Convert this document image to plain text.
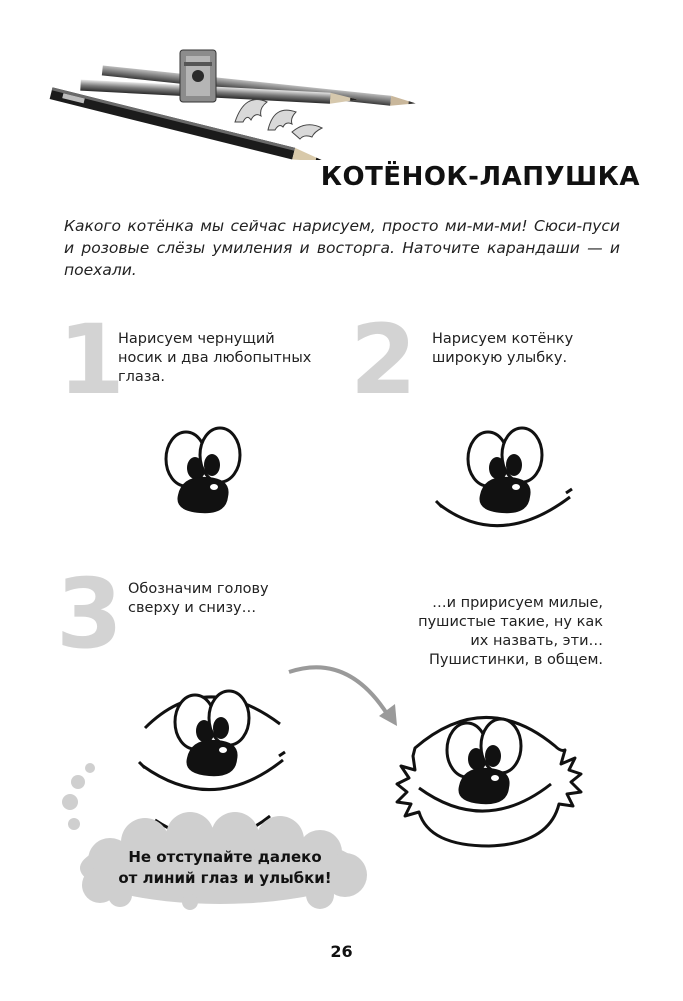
КОТЁНОК-ЛАПУШКА
Какого котёнка мы сейчас нарисуем, просто ми-ми-ми! Сюси-пуси и розовые слёзы умиления и восторга. Наточите карандаши — и поехали.
1
Нарисуем чернущий носик и два любопытных глаза.	2 Нарисуем котёнку широкую улыбку.
3 Обозначим голову сверху и снизу…	…и пририсуем милые, пушистые такие, ну как их назвать, эти… Пушистинки, в общем.
Не отступайте далеко
от линий глаз и улыбки!
26
